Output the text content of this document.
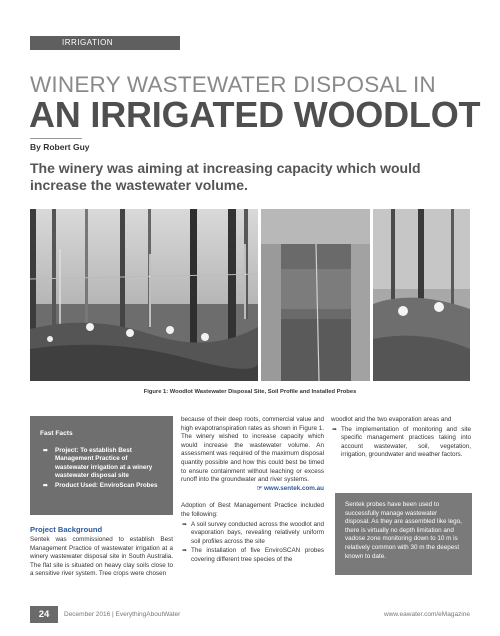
IRRIGATION
WINERY WASTEWATER DISPOSAL IN
AN IRRIGATED WOODLOT
By Robert Guy
The winery was aiming at increasing capacity which would increase the wastewater volume.
Figure 1: Woodlot Wastewater Disposal Site, Soil Profile and Installed Probes
Fast Facts
➠ Project: To establish Best Management Practice of wastewater irrigation at a winery wastewater disposal site
➠ Product Used: EnviroScan Probes
Project Background

Sentek was commissioned to establish Best Management Practice of wastewater irrigation at a winery wastewater disposal site in South Australia. The flat site is situated on heavy clay soils close to a sensitive river system. Tree crops were chosen

because of their deep roots, commercial value and high evapotranspiration rates as shown in Figure 1. The winery wished to increase capacity which would increase the wastewater volume. An assessment was required of the maximum disposal quantity possible and how this could best be timed to ensure containment without leaching or excess runoff into the groundwater and river systems.

☞ www.sentek.com.au

Adoption of Best Management Practice included the following:

➠ A soil survey conducted across the woodlot and evaporation bays, revealing relatively uniform soil profiles across the site
➠ The installation of five EnviroSCAN probes covering different tree species of the

woodlot and the two evaporation areas and

➠ The implementation of monitoring and site specific management practices taking into account wastewater, soil, vegetation, irrigation, groundwater and weather factors.
Sentek probes have been used to successfully manage wastewater disposal. As they are assembled like lego, there is virtually no depth limitation and vadose zone monitoring down to 10 m is relatively common with 30 m the deepest known to date.
24	December 2016 | EverythingAboutWater	www.eawater.com/eMagazine
